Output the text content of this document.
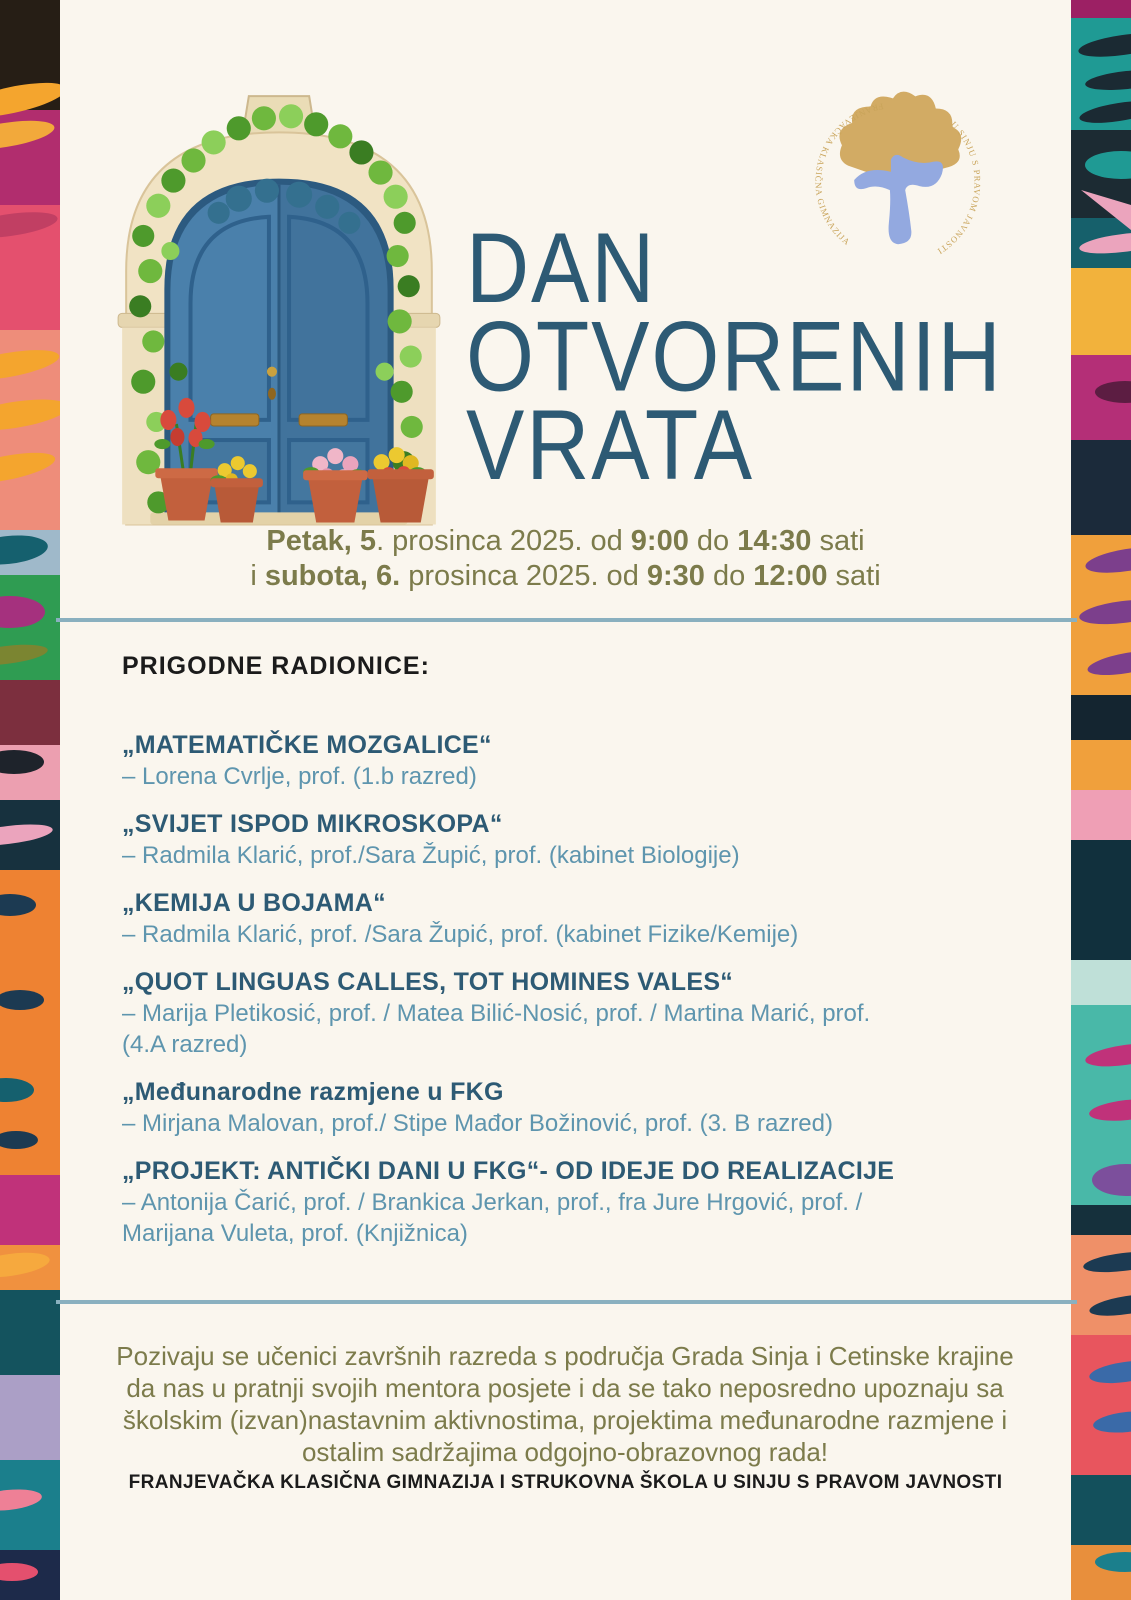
FRANJEVAČKA KLASIČNA GIMNAZIJA
U SINJU S PRAVOM JAVNOSTI
DAN
OTVORENIH
VRATA
Petak, 5. prosinca 2025. od 9:00 do 14:30 sati
i subota, 6. prosinca 2025. od 9:30 do 12:00 sati
PRIGODNE RADIONICE:
„MATEMATIČKE MOZGALICE“
– Lorena Cvrlje, prof. (1.b razred)
„SVIJET ISPOD MIKROSKOPA“
– Radmila Klarić, prof./Sara Župić, prof. (kabinet Biologije)
„KEMIJA U BOJAMA“
– Radmila Klarić, prof. /Sara Župić, prof. (kabinet Fizike/Kemije)
„QUOT LINGUAS CALLES, TOT HOMINES VALES“
– Marija Pletikosić, prof. / Matea Bilić-Nosić, prof. / Martina Marić, prof. (4.A razred)
„Međunarodne razmjene u FKG
– Mirjana Malovan, prof./ Stipe Mađor Božinović, prof. (3. B razred)
„PROJEKT: ANTIČKI DANI U FKG“- OD IDEJE DO REALIZACIJE
– Antonija Čarić, prof. / Brankica Jerkan, prof., fra Jure Hrgović, prof. / Marijana Vuleta, prof. (Knjižnica)
Pozivaju se učenici završnih razreda s područja Grada Sinja i Cetinske krajine da nas u pratnji svojih mentora posjete i da se tako neposredno upoznaju sa školskim (izvan)nastavnim aktivnostima, projektima međunarodne razmjene i ostalim sadržajima odgojno-obrazovnog rada!
FRANJEVAČKA KLASIČNA GIMNAZIJA I STRUKOVNA ŠKOLA U SINJU S PRAVOM JAVNOSTI
